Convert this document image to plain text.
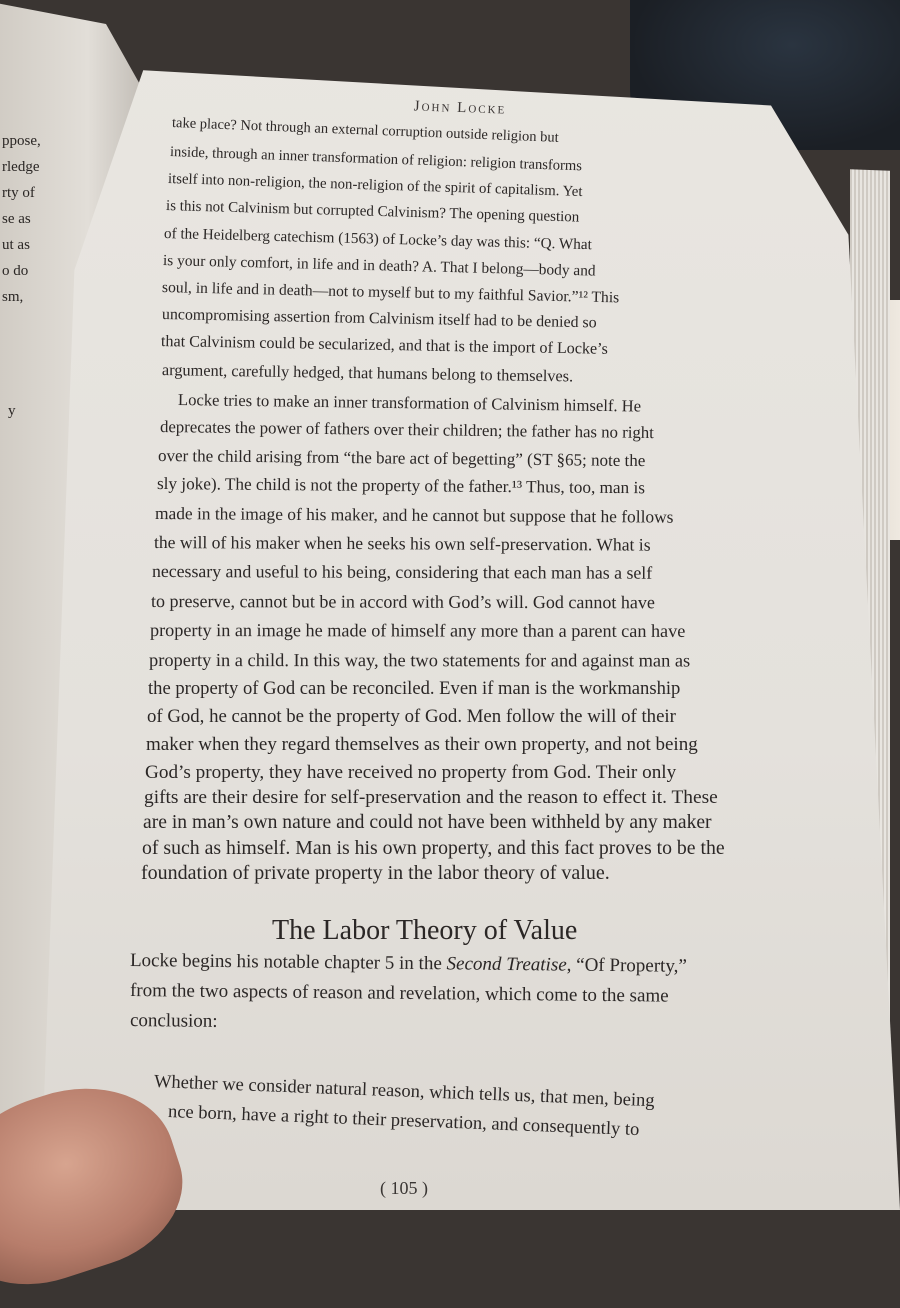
ppose,
rledge
rty of
se as
ut as
o do
sm,
y
John Locke
take place? Not through an external corruption outside religion but
inside, through an inner transformation of religion: religion transforms
itself into non-religion, the non-religion of the spirit of capitalism. Yet
is this not Calvinism but corrupted Calvinism? The opening question
of the Heidelberg catechism (1563) of Locke’s day was this: “Q. What
is your only comfort, in life and in death? A. That I belong—body and
soul, in life and in death—not to myself but to my faithful Savior.”¹² This
uncompromising assertion from Calvinism itself had to be denied so
that Calvinism could be secularized, and that is the import of Locke’s
argument, carefully hedged, that humans belong to themselves.
Locke tries to make an inner transformation of Calvinism himself. He
deprecates the power of fathers over their children; the father has no right
over the child arising from “the bare act of begetting” (ST §65; note the
sly joke). The child is not the property of the father.¹³ Thus, too, man is
made in the image of his maker, and he cannot but suppose that he follows
the will of his maker when he seeks his own self-preservation. What is
necessary and useful to his being, considering that each man has a self
to preserve, cannot but be in accord with God’s will. God cannot have
property in an image he made of himself any more than a parent can have
property in a child. In this way, the two statements for and against man as
the property of God can be reconciled. Even if man is the workmanship
of God, he cannot be the property of God. Men follow the will of their
maker when they regard themselves as their own property, and not being
God’s property, they have received no property from God. Their only
gifts are their desire for self-preservation and the reason to effect it. These
are in man’s own nature and could not have been withheld by any maker
of such as himself. Man is his own property, and this fact proves to be the
foundation of private property in the labor theory of value.
The Labor Theory of Value
Locke begins his notable chapter 5 in the Second Treatise, “Of Property,”
from the two aspects of reason and revelation, which come to the same
conclusion:
Whether we consider natural reason, which tells us, that men, being
nce born, have a right to their preservation, and consequently to
( 105 )
